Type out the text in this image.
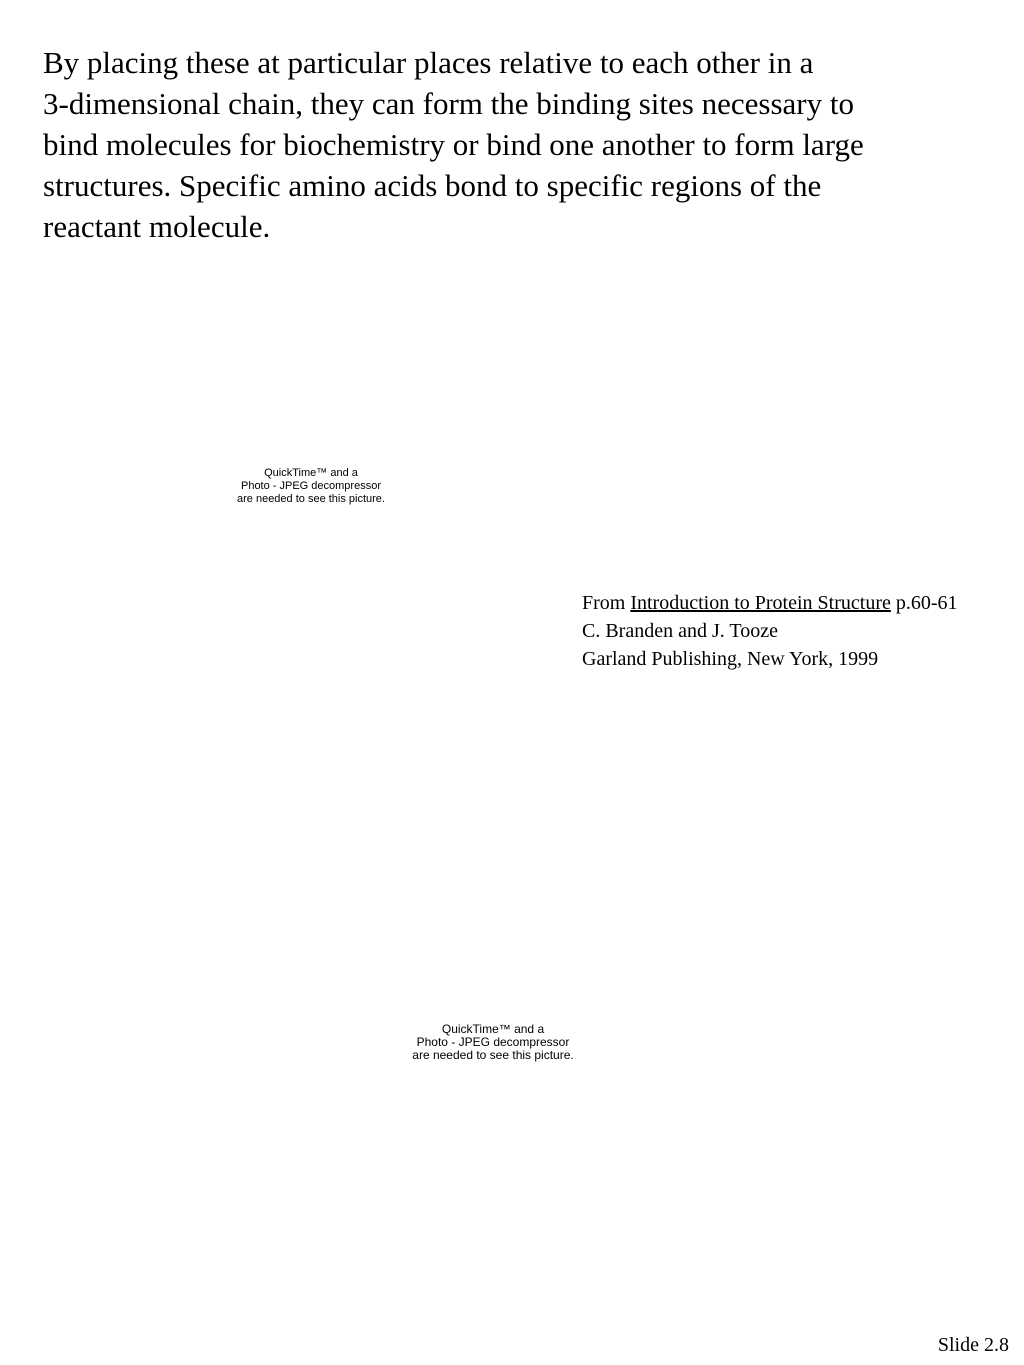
By placing these at particular places relative to each other in a
3-dimensional chain, they can form the binding sites necessary to
bind molecules for biochemistry or bind one another to form large
structures. Specific amino acids bond to specific regions of the
reactant molecule.
QuickTime™ and a
Photo - JPEG decompressor
are needed to see this picture.
From Introduction to Protein Structure p.60-61
C. Branden and J. Tooze
Garland Publishing, New York, 1999
QuickTime™ and a
Photo - JPEG decompressor
are needed to see this picture.
Slide 2.8
